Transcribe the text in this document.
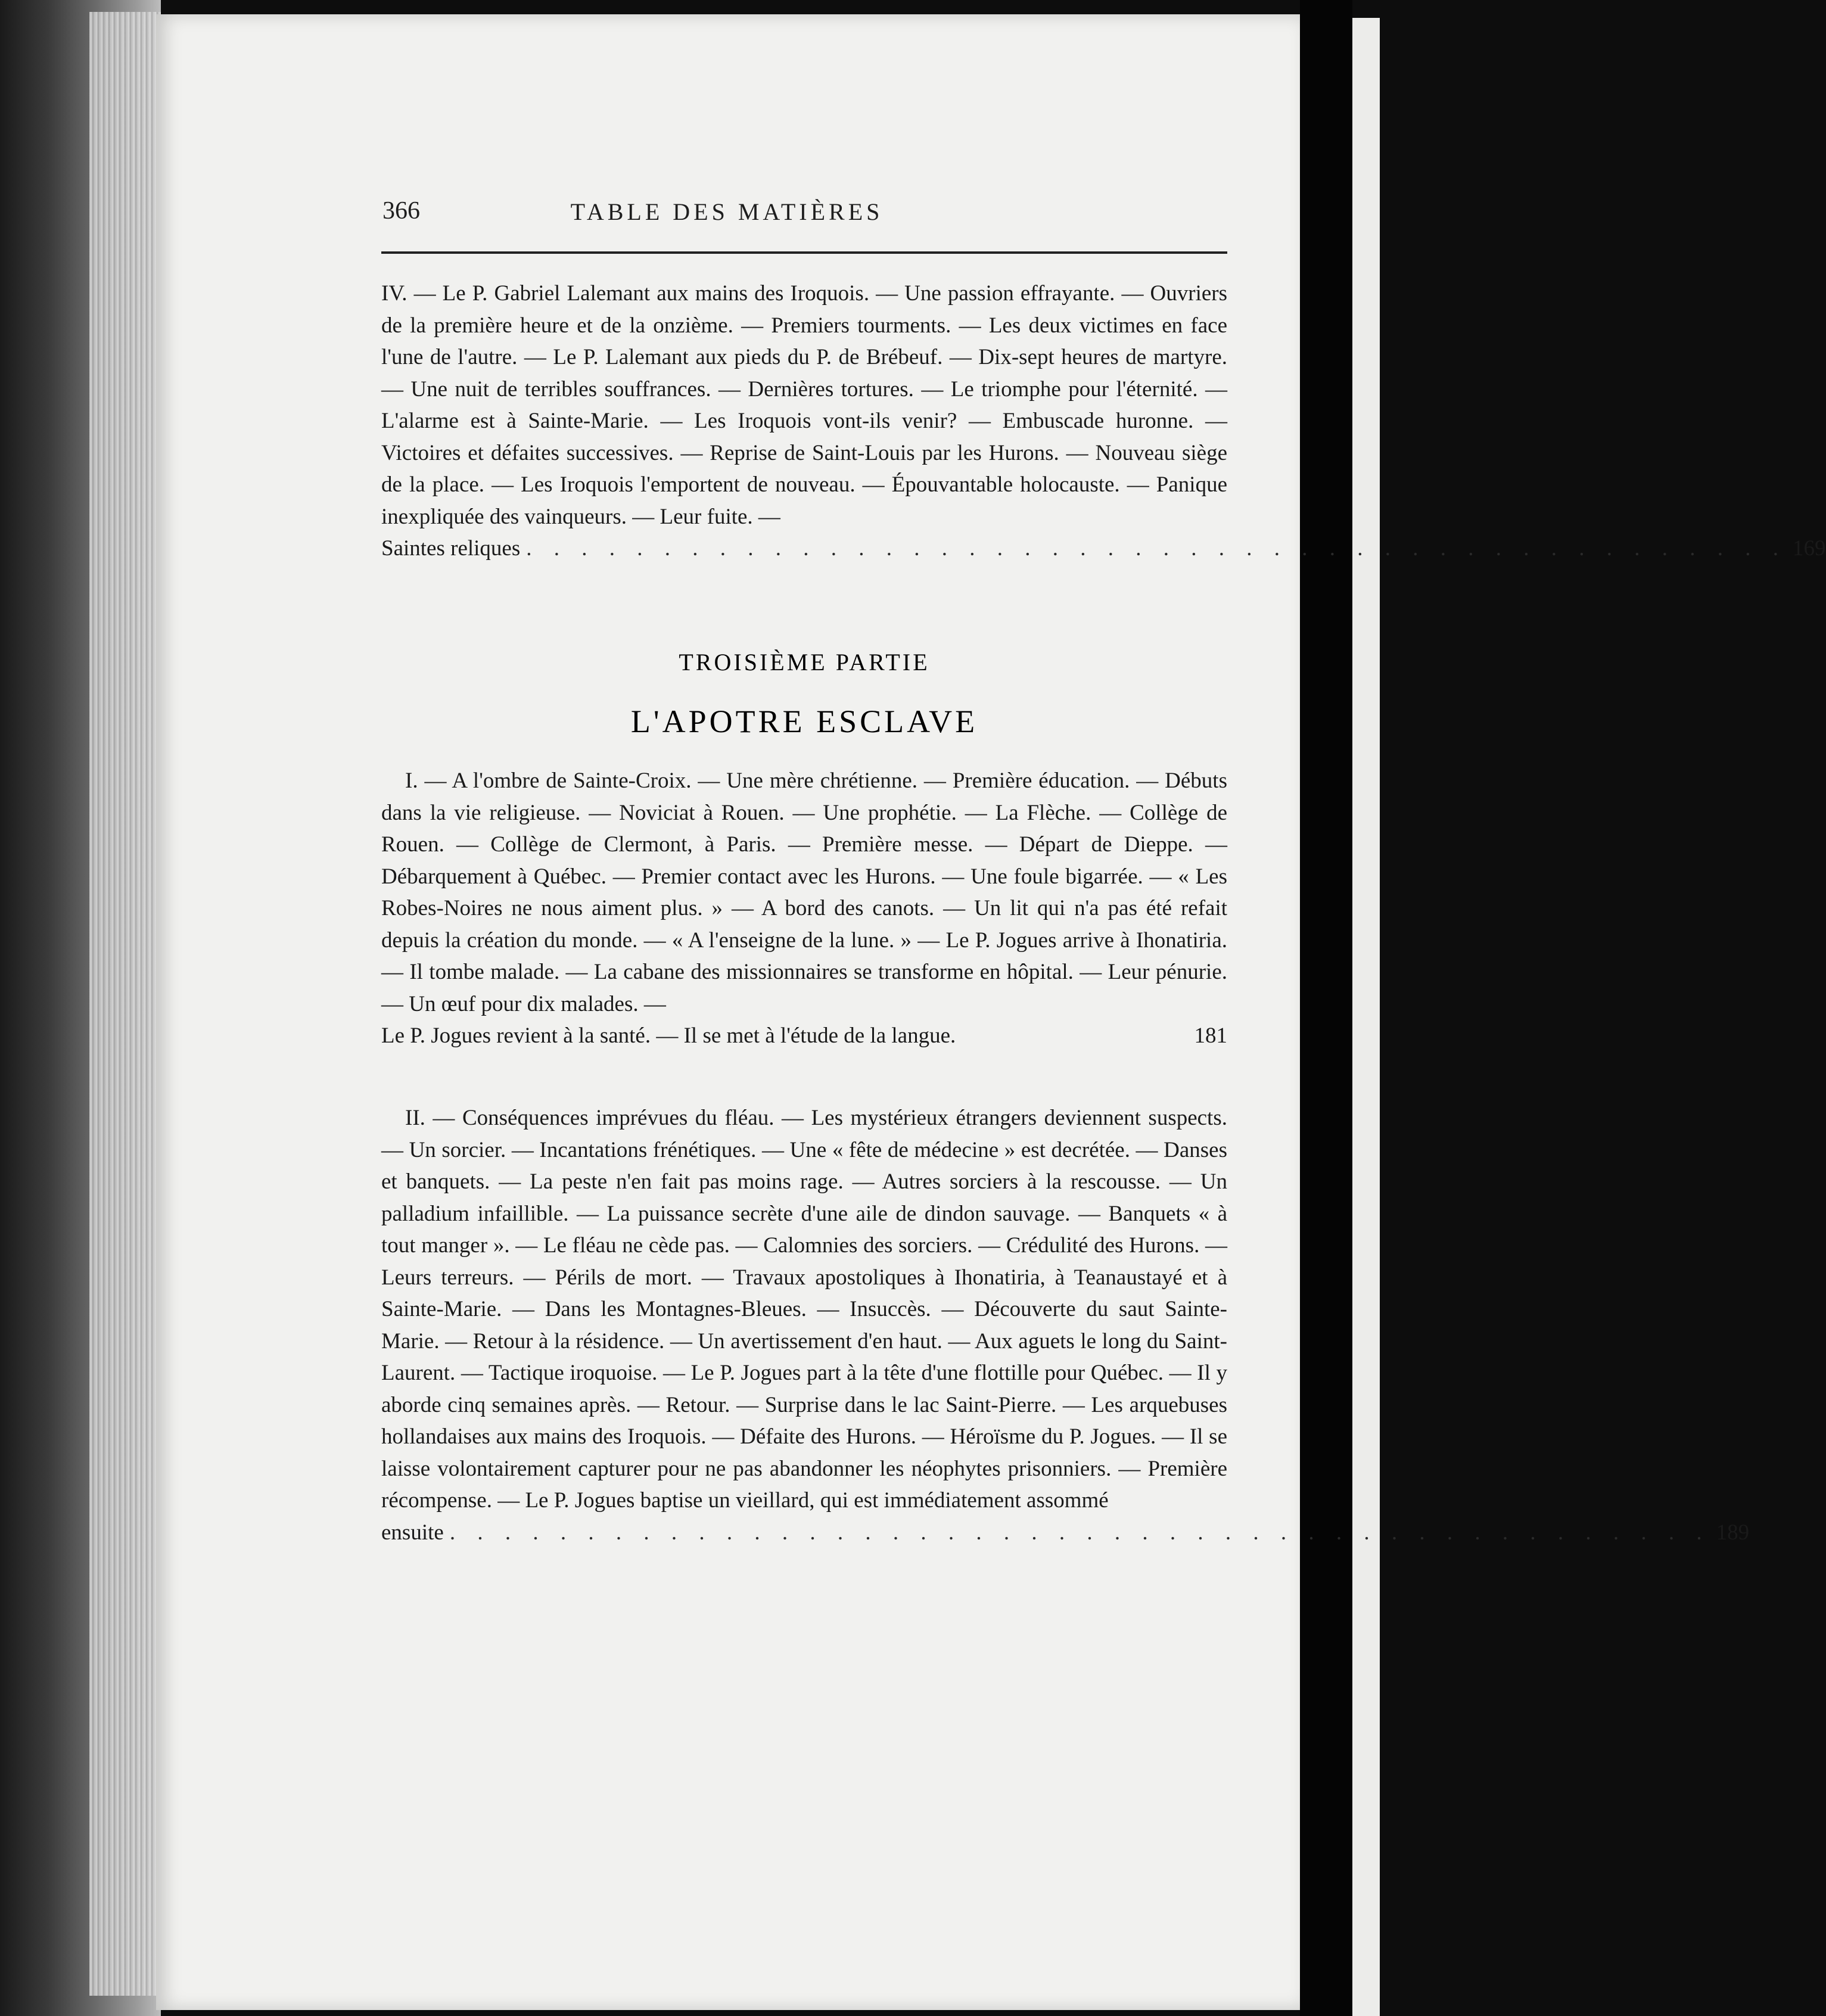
366	TABLE DES MATIÈRES
IV. — Le P. Gabriel Lalemant aux mains des Iroquois. — Une passion effrayante. — Ouvriers de la première heure et de la onzième. — Premiers tourments. — Les deux victimes en face l'une de l'autre. — Le P. Lalemant aux pieds du P. de Brébeuf. — Dix-sept heures de martyre. — Une nuit de terribles souffrances. — Dernières tortures. — Le triomphe pour l'éternité. — L'alarme est à Sainte-Marie. — Les Iroquois vont-ils venir? — Embuscade huronne. — Victoires et défaites successives. — Reprise de Saint-Louis par les Hurons. — Nouveau siège de la place. — Les Iroquois l'emportent de nouveau. — Épouvantable holocauste. — Panique inexpliquée des vainqueurs. — Leur fuite. —
Saintes reliques . . . . . . . . . . . . . . . . . . . . . . . . . . . . . . . . . . . . . . . . . . . . . . 169
TROISIÈME PARTIE
L'APOTRE ESCLAVE
I. — A l'ombre de Sainte-Croix. — Une mère chrétienne. — Première éducation. — Débuts dans la vie religieuse. — Noviciat à Rouen. — Une prophétie. — La Flèche. — Collège de Rouen. — Collège de Clermont, à Paris. — Première messe. — Départ de Dieppe. — Débarquement à Québec. — Premier contact avec les Hurons. — Une foule bigarrée. — « Les Robes-Noires ne nous aiment plus. » — A bord des canots. — Un lit qui n'a pas été refait depuis la création du monde. — « A l'enseigne de la lune. » — Le P. Jogues arrive à Ihonatiria. — Il tombe malade. — La cabane des missionnaires se transforme en hôpital. — Leur pénurie. — Un œuf pour dix malades. —
Le P. Jogues revient à la santé. — Il se met à l'étude de la langue.	181
II. — Conséquences imprévues du fléau. — Les mystérieux étrangers deviennent suspects. — Un sorcier. — Incantations frénétiques. — Une « fête de médecine » est decrétée. — Danses et banquets. — La peste n'en fait pas moins rage. — Autres sorciers à la rescousse. — Un palladium infaillible. — La puissance secrète d'une aile de dindon sauvage. — Banquets « à tout manger ». — Le fléau ne cède pas. — Calomnies des sorciers. — Crédulité des Hurons. — Leurs terreurs. — Périls de mort. — Travaux apostoliques à Ihonatiria, à Teanaustayé et à Sainte-Marie. — Dans les Montagnes-Bleues. — Insuccès. — Découverte du saut Sainte-Marie. — Retour à la résidence. — Un avertissement d'en haut. — Aux aguets le long du Saint-Laurent. — Tactique iroquoise. — Le P. Jogues part à la tête d'une flottille pour Québec. — Il y aborde cinq semaines après. — Retour. — Surprise dans le lac Saint-Pierre. — Les arquebuses hollandaises aux mains des Iroquois. — Défaite des Hurons. — Héroïsme du P. Jogues. — Il se laisse volontairement capturer pour ne pas abandonner les néophytes prisonniers. — Première récompense. — Le P. Jogues baptise un vieillard, qui est immédiatement assommé
ensuite . . . . . . . . . . . . . . . . . . . . . . . . . . . . . . . . . . . . . . . . . . . . . . 189
